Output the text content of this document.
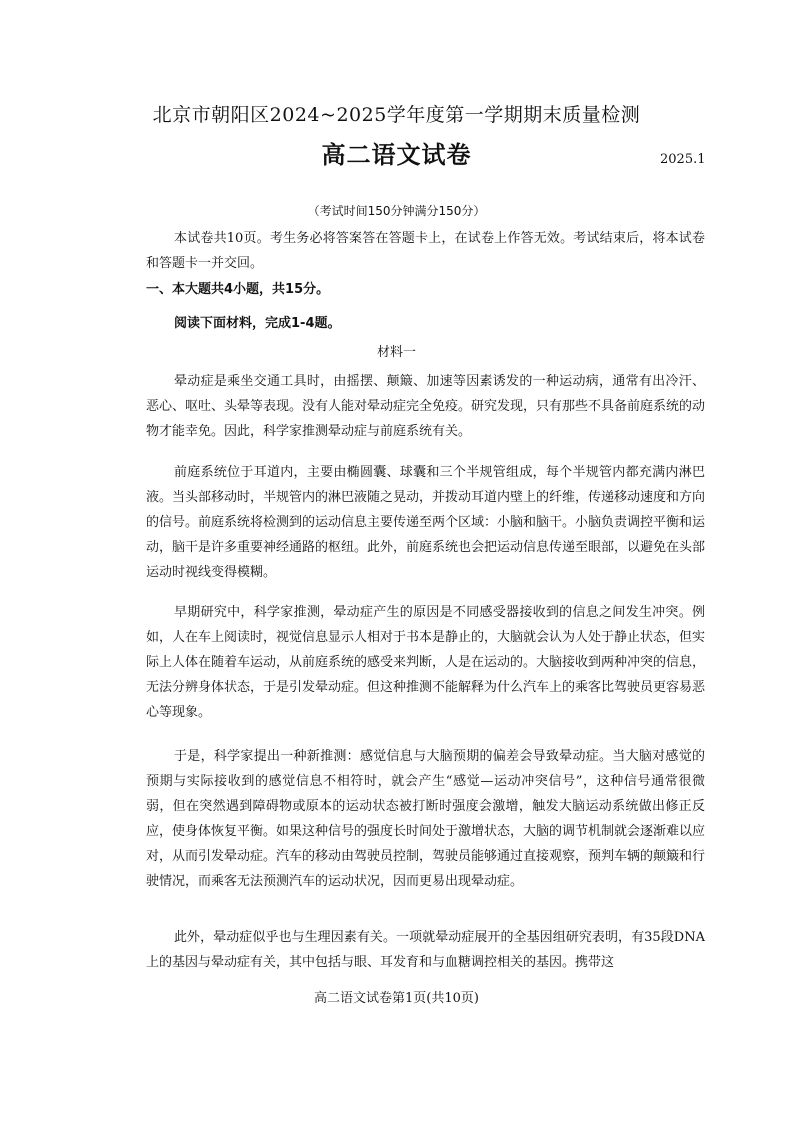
北京市朝阳区2024~2025学年度第一学期期末质量检测

高二语文试卷	2025.1

（考试时间150分钟满分150分）

本试卷共10页。考生务必将答案答在答题卡上，在试卷上作答无效。考试结束后，将本试卷和答题卡一并交回。

一、本大题共4小题，共15分。

阅读下面材料，完成1-4题。

材料一

晕动症是乘坐交通工具时，由摇摆、颠簸、加速等因素诱发的一种运动病，通常有出冷汗、恶心、呕吐、头晕等表现。没有人能对晕动症完全免疫。研究发现，只有那些不具备前庭系统的动物才能幸免。因此，科学家推测晕动症与前庭系统有关。

前庭系统位于耳道内，主要由椭圆囊、球囊和三个半规管组成，每个半规管内都充满内淋巴液。当头部移动时，半规管内的淋巴液随之晃动，并拨动耳道内壁上的纤维，传递移动速度和方向的信号。前庭系统将检测到的运动信息主要传递至两个区域：小脑和脑干。小脑负责调控平衡和运动，脑干是许多重要神经通路的枢纽。此外，前庭系统也会把运动信息传递至眼部，以避免在头部运动时视线变得模糊。

早期研究中，科学家推测，晕动症产生的原因是不同感受器接收到的信息之间发生冲突。例如，人在车上阅读时，视觉信息显示人相对于书本是静止的，大脑就会认为人处于静止状态，但实际上人体在随着车运动，从前庭系统的感受来判断，人是在运动的。大脑接收到两种冲突的信息，无法分辨身体状态，于是引发晕动症。但这种推测不能解释为什么汽车上的乘客比驾驶员更容易恶心等现象。

于是，科学家提出一种新推测：感觉信息与大脑预期的偏差会导致晕动症。当大脑对感觉的预期与实际接收到的感觉信息不相符时，就会产生“感觉—运动冲突信号”，这种信号通常很微弱，但在突然遇到障碍物或原本的运动状态被打断时强度会激增，触发大脑运动系统做出修正反应，使身体恢复平衡。如果这种信号的强度长时间处于激增状态，大脑的调节机制就会逐渐难以应对，从而引发晕动症。汽车的移动由驾驶员控制，驾驶员能够通过直接观察，预判车辆的颠簸和行驶情况，而乘客无法预测汽车的运动状况，因而更易出现晕动症。

此外，晕动症似乎也与生理因素有关。一项就晕动症展开的全基因组研究表明，有35段DNA上的基因与晕动症有关，其中包括与眼、耳发育和与血糖调控相关的基因。携带这

高二语文试卷第1页(共10页)
